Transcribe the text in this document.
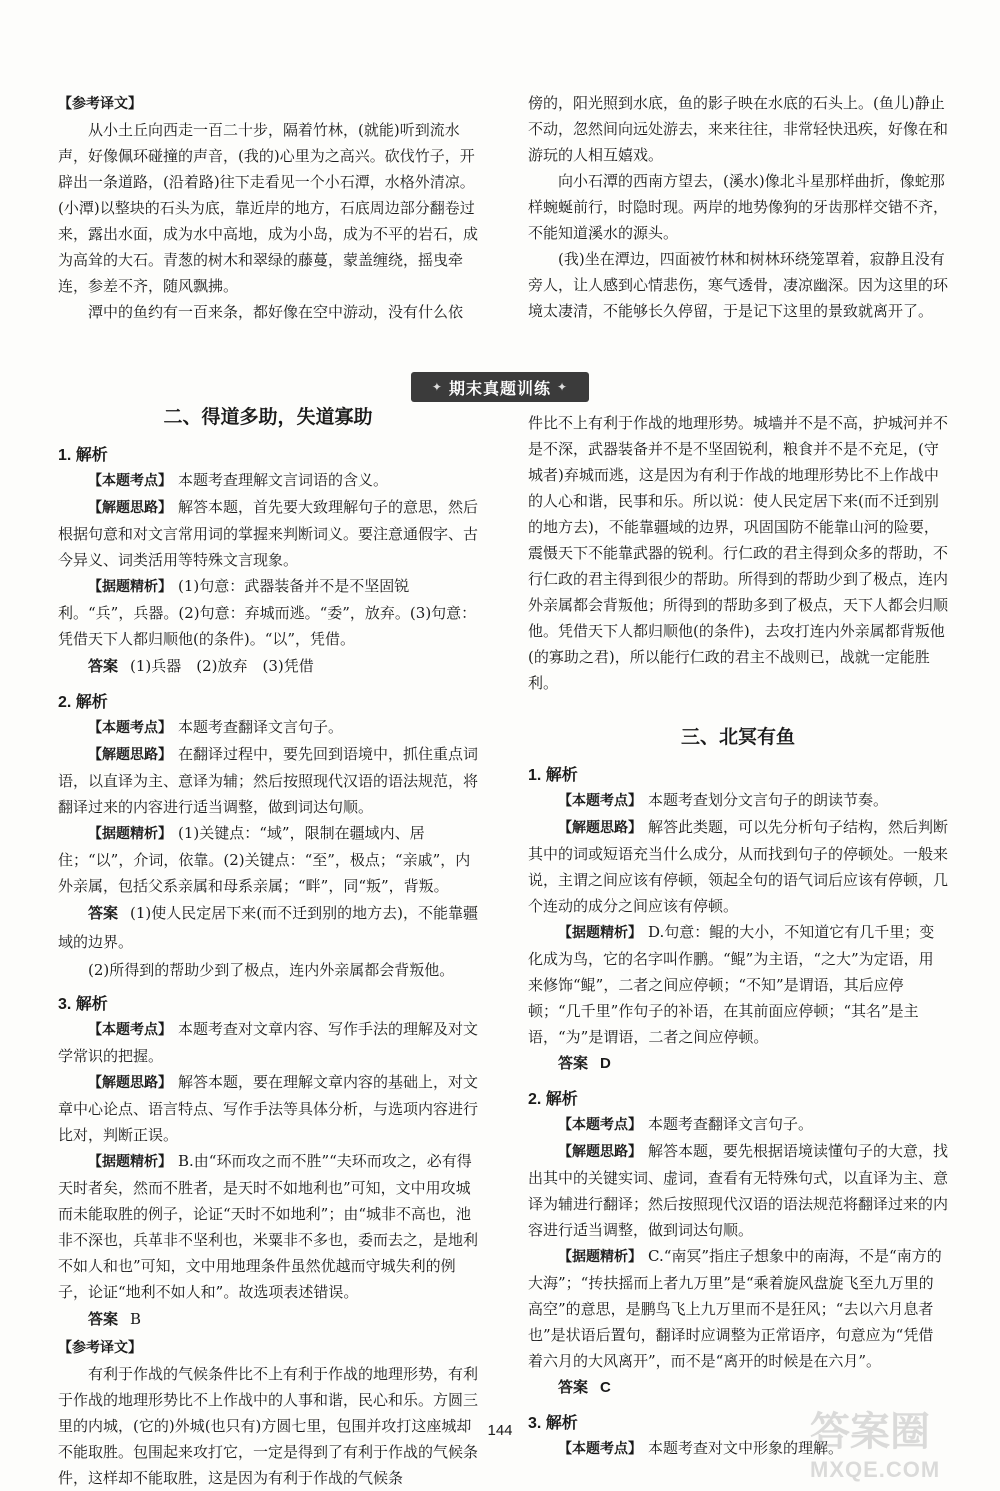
【参考译文】

从小土丘向西走一百二十步，隔着竹林，(就能)听到流水声，好像佩环碰撞的声音，(我的)心里为之高兴。砍伐竹子，开辟出一条道路，(沿着路)往下走看见一个小石潭，水格外清凉。(小潭)以整块的石头为底，靠近岸的地方，石底周边部分翻卷过来，露出水面，成为水中高地，成为小岛，成为不平的岩石，成为高耸的大石。青葱的树木和翠绿的藤蔓，蒙盖缠绕，摇曳牵连，参差不齐，随风飘拂。

潭中的鱼约有一百来条，都好像在空中游动，没有什么依

傍的，阳光照到水底，鱼的影子映在水底的石头上。(鱼儿)静止不动，忽然间向远处游去，来来往往，非常轻快迅疾，好像在和游玩的人相互嬉戏。

向小石潭的西南方望去，(溪水)像北斗星那样曲折，像蛇那样蜿蜒前行，时隐时现。两岸的地势像狗的牙齿那样交错不齐，不能知道溪水的源头。

(我)坐在潭边，四面被竹林和树林环绕笼罩着，寂静且没有旁人，让人感到心情悲伤，寒气透骨，凄凉幽深。因为这里的环境太凄清，不能够长久停留，于是记下这里的景致就离开了。

✦ 期末真题训练 ✦
二、得道多助，失道寡助
1. 解析

【本题考点】 本题考查理解文言词语的含义。

【解题思路】 解答本题，首先要大致理解句子的意思，然后根据句意和对文言常用词的掌握来判断词义。要注意通假字、古今异义、词类活用等特殊文言现象。

【据题精析】 (1)句意：武器装备并不是不坚固锐利。“兵”，兵器。(2)句意：弃城而逃。“委”，放弃。(3)句意：凭借天下人都归顺他(的条件)。“以”，凭借。

答案 (1)兵器　(2)放弃　(3)凭借
2. 解析

【本题考点】 本题考查翻译文言句子。

【解题思路】 在翻译过程中，要先回到语境中，抓住重点词语，以直译为主、意译为辅；然后按照现代汉语的语法规范，将翻译过来的内容进行适当调整，做到词达句顺。

【据题精析】 (1)关键点：“域”，限制在疆域内、居住；“以”，介词，依靠。(2)关键点：“至”，极点；“亲戚”，内外亲属，包括父系亲属和母系亲属；“畔”，同“叛”，背叛。

答案 (1)使人民定居下来(而不迁到别的地方去)，不能靠疆域的边界。

(2)所得到的帮助少到了极点，连内外亲属都会背叛他。

3. 解析

【本题考点】 本题考查对文章内容、写作手法的理解及对文学常识的把握。

【解题思路】 解答本题，要在理解文章内容的基础上，对文章中心论点、语言特点、写作手法等具体分析，与选项内容进行比对，判断正误。

【据题精析】 B.由“环而攻之而不胜”“夫环而攻之，必有得天时者矣，然而不胜者，是天时不如地利也”可知，文中用攻城而未能取胜的例子，论证“天时不如地利”；由“城非不高也，池非不深也，兵革非不坚利也，米粟非不多也，委而去之，是地利不如人和也”可知，文中用地理条件虽然优越而守城失利的例子，论证“地利不如人和”。故选项表述错误。

答案 B

【参考译文】

有利于作战的气候条件比不上有利于作战的地理形势，有利于作战的地理形势比不上作战中的人事和谐，民心和乐。方圆三里的内城，(它的)外城(也只有)方圆七里，包围并攻打这座城却不能取胜。包围起来攻打它，一定是得到了有利于作战的气候条件，这样却不能取胜，这是因为有利于作战的气候条

件比不上有利于作战的地理形势。城墙并不是不高，护城河并不是不深，武器装备并不是不坚固锐利，粮食并不是不充足，(守城者)弃城而逃，这是因为有利于作战的地理形势比不上作战中的人心和谐，民事和乐。所以说：使人民定居下来(而不迁到别的地方去)，不能靠疆域的边界，巩固国防不能靠山河的险要，震慑天下不能靠武器的锐利。行仁政的君主得到众多的帮助，不行仁政的君主得到很少的帮助。所得到的帮助少到了极点，连内外亲属都会背叛他；所得到的帮助多到了极点，天下人都会归顺他。凭借天下人都归顺他(的条件)，去攻打连内外亲属都背叛他(的寡助之君)，所以能行仁政的君主不战则已，战就一定能胜利。

三、北冥有鱼
1. 解析

【本题考点】 本题考查划分文言句子的朗读节奏。

【解题思路】 解答此类题，可以先分析句子结构，然后判断其中的词或短语充当什么成分，从而找到句子的停顿处。一般来说，主谓之间应该有停顿，领起全句的语气词后应该有停顿，几个连动的成分之间应该有停顿。

【据题精析】 D.句意：鲲的大小，不知道它有几千里；变化成为鸟，它的名字叫作鹏。“鲲”为主语，“之大”为定语，用来修饰“鲲”，二者之间应停顿；“不知”是谓语，其后应停顿；“几千里”作句子的补语，在其前面应停顿；“其名”是主语，“为”是谓语，二者之间应停顿。

答案 D
2. 解析

【本题考点】 本题考查翻译文言句子。

【解题思路】 解答本题，要先根据语境读懂句子的大意，找出其中的关键实词、虚词，查看有无特殊句式，以直译为主、意译为辅进行翻译；然后按照现代汉语的语法规范将翻译过来的内容进行适当调整，做到词达句顺。

【据题精析】 C.“南冥”指庄子想象中的南海，不是“南方的大海”；“抟扶摇而上者九万里”是“乘着旋风盘旋飞至九万里的高空”的意思，是鹏鸟飞上九万里而不是狂风；“去以六月息者也”是状语后置句，翻译时应调整为正常语序，句意应为“凭借着六月的大风离开”，而不是“离开的时候是在六月”。

答案 C
3. 解析

【本题考点】 本题考查对文中形象的理解。

144	答案圈
MXQE.COM
